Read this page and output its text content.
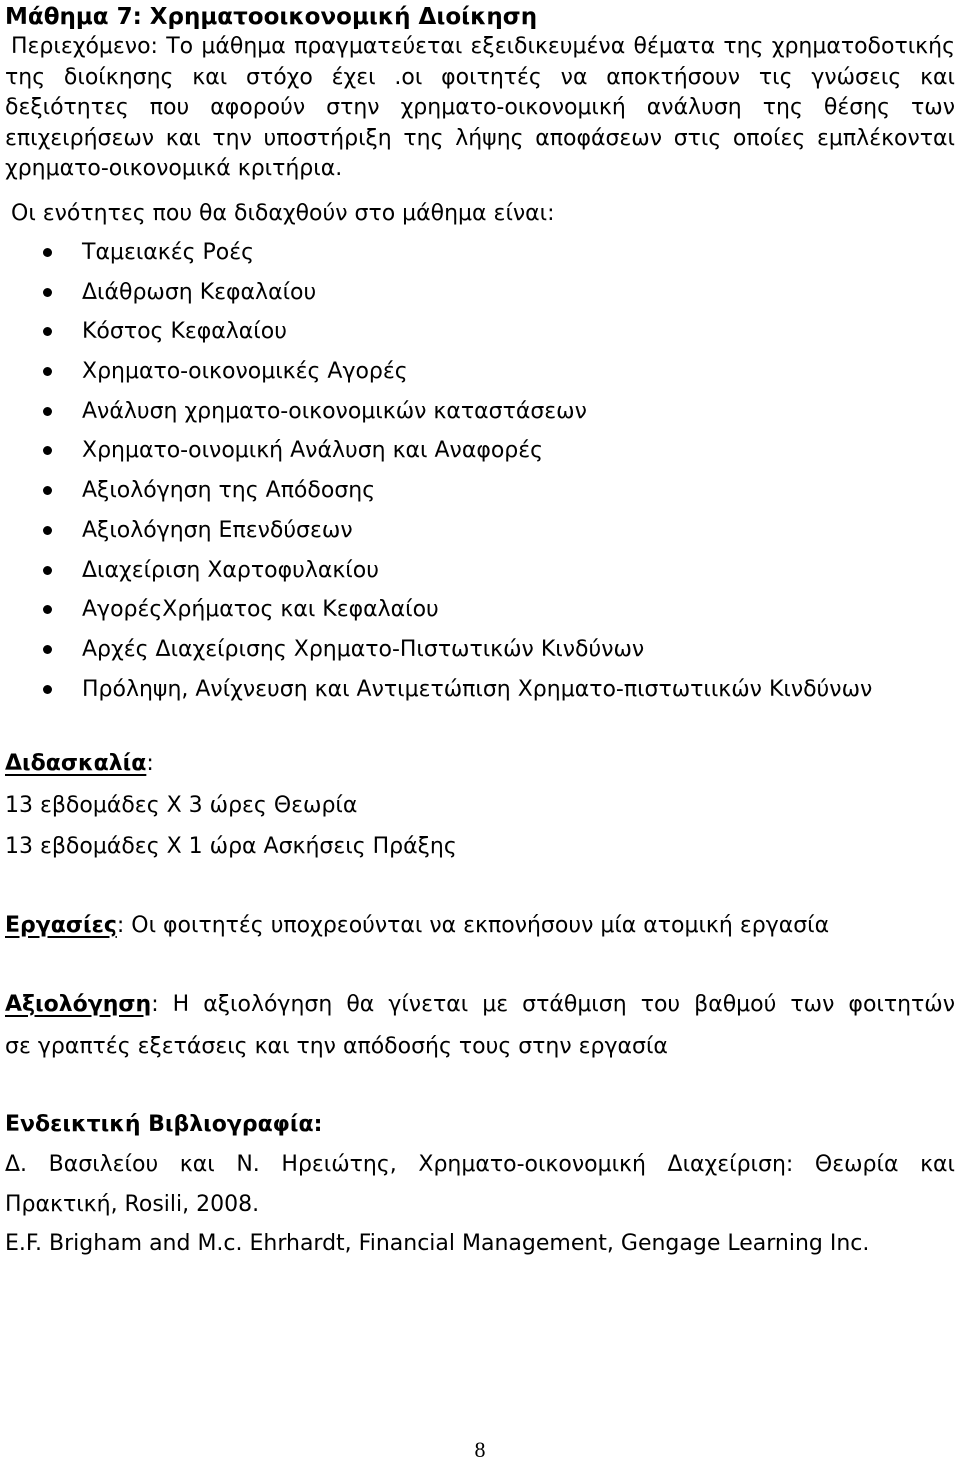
Μάθημα 7: Χρηματοοικονομική Διοίκηση
Περιεχόμενο: Το μάθημα πραγματεύεται εξειδικευμένα θέματα της χρηματοδοτικής της διοίκησης και στόχο έχει .οι φοιτητές να αποκτήσουν τις γνώσεις και δεξιότητες που αφορούν στην χρηματο-οικονομική ανάλυση της θέσης των επιχειρήσεων και την υποστήριξη της λήψης αποφάσεων στις οποίες εμπλέκονται χρηματο-οικονομικά κριτήρια.
Οι ενότητες που θα διδαχθούν στο μάθημα είναι:
Ταμειακές Ροές
Διάθρωση Κεφαλαίου
Κόστος Κεφαλαίου
Χρηματο-οικονομικές Αγορές
Ανάλυση χρηματο-οικονομικών καταστάσεων
Χρηματο-οινομική Ανάλυση και Αναφορές
Αξιολόγηση της Απόδοσης
Αξιολόγηση Επενδύσεων
Διαχείριση Χαρτοφυλακίου
ΑγορέςΧρήματος και Κεφαλαίου
Αρχές Διαχείρισης Χρηματο-Πιστωτικών Κινδύνων
Πρόληψη, Ανίχνευση και Αντιμετώπιση Χρηματο-πιστωτιικών Κινδύνων
Διδασκαλία:
13 εβδομάδες Χ 3 ώρες Θεωρία
13 εβδομάδες Χ 1 ώρα Ασκήσεις Πράξης
Εργασίες: Οι φοιτητές υποχρεούνται να εκπονήσουν μία ατομική εργασία
Αξιολόγηση: Η αξιολόγηση θα γίνεται με στάθμιση του βαθμού των φοιτητών
σε γραπτές εξετάσεις και την απόδοσής τους στην εργασία
Ενδεικτική Βιβλιογραφία:
Δ. Βασιλείου και Ν. Ηρειώτης, Χρηματο-οικονομική Διαχείριση: Θεωρία και
Πρακτική, Rosili, 2008.
E.F. Brigham and M.c. Ehrhardt, Financial Management, Gengage Learning Inc.
8
